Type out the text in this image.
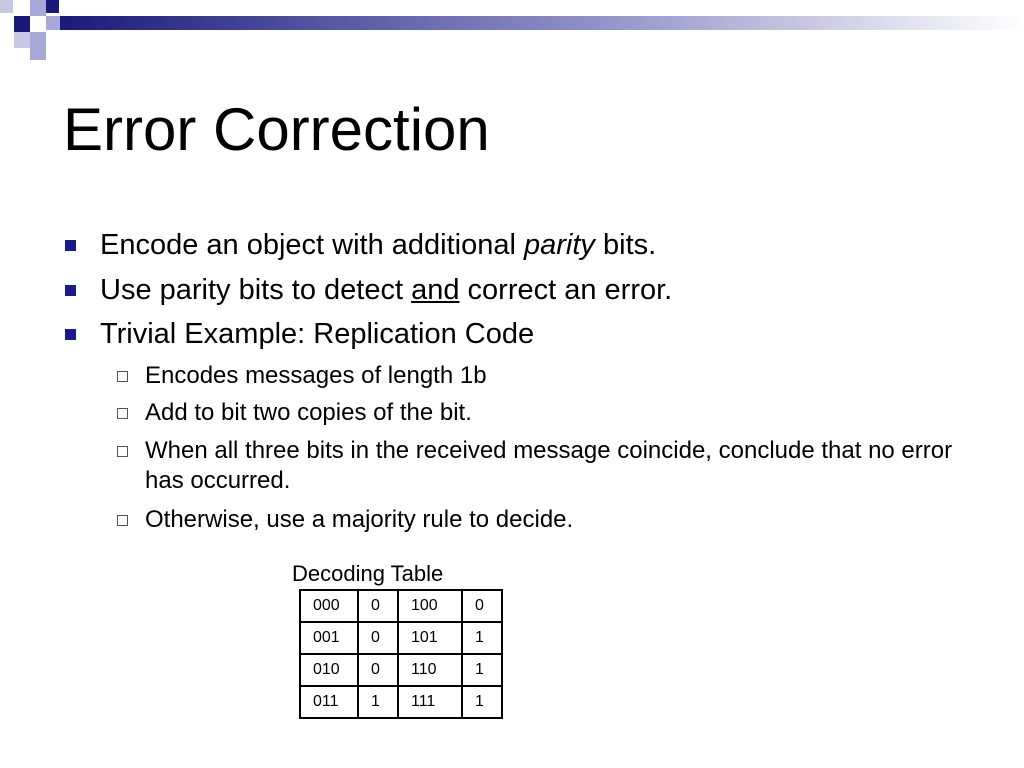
Error Correction
Encode an object with additional parity bits.
Use parity bits to detect and correct an error.
Trivial Example: Replication Code
Encodes messages of length 1b
Add to bit two copies of the bit.
When all three bits in the received message coincide, conclude that no error has occurred.
Otherwise, use a majority rule to decide.
Decoding Table
000	0	100	0
001	0	101	1
010	0	110	1
011	1	111	1
